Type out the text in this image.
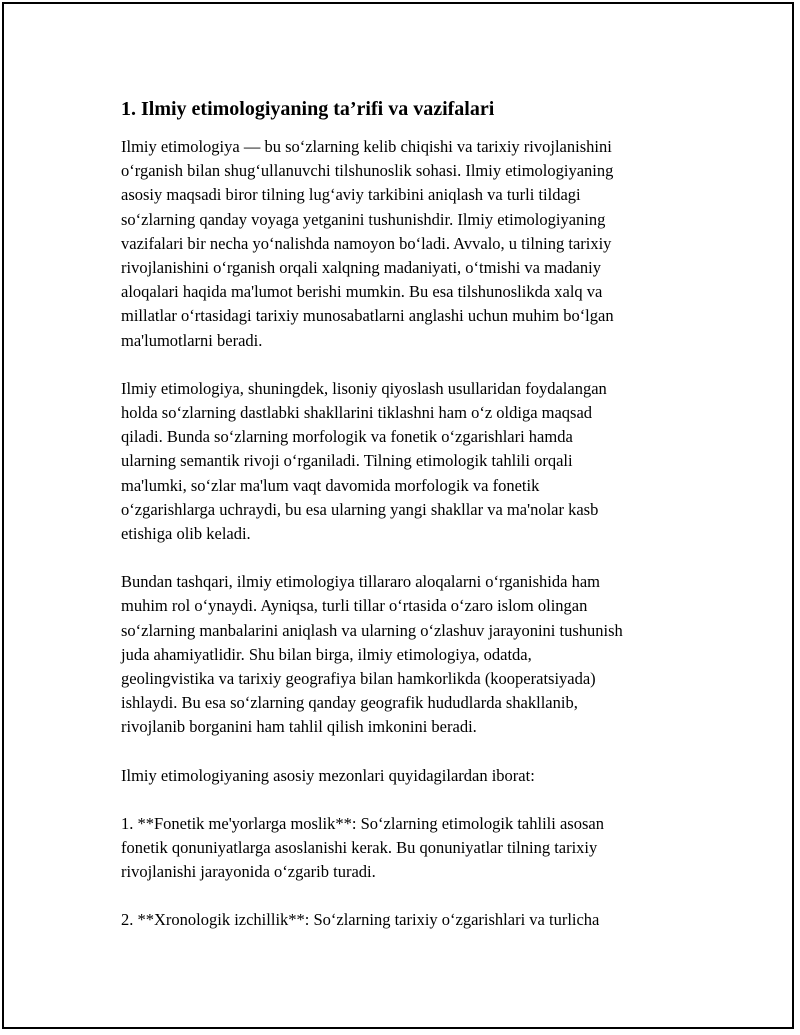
1. Ilmiy etimologiyaning ta’rifi va vazifalari
Ilmiy etimologiya — bu so‘zlarning kelib chiqishi va tarixiy rivojlanishini
o‘rganish bilan shug‘ullanuvchi tilshunoslik sohasi. Ilmiy etimologiyaning
asosiy maqsadi biror tilning lug‘aviy tarkibini aniqlash va turli tildagi
so‘zlarning qanday voyaga yetganini tushunishdir. Ilmiy etimologiyaning
vazifalari bir necha yo‘nalishda namoyon bo‘ladi. Avvalo, u tilning tarixiy
rivojlanishini o‘rganish orqali xalqning madaniyati, o‘tmishi va madaniy
aloqalari haqida ma'lumot berishi mumkin. Bu esa tilshunoslikda xalq va
millatlar o‘rtasidagi tarixiy munosabatlarni anglashi uchun muhim bo‘lgan
ma'lumotlarni beradi.
Ilmiy etimologiya, shuningdek, lisoniy qiyoslash usullaridan foydalangan
holda so‘zlarning dastlabki shakllarini tiklashni ham o‘z oldiga maqsad
qiladi. Bunda so‘zlarning morfologik va fonetik o‘zgarishlari hamda
ularning semantik rivoji o‘rganiladi. Tilning etimologik tahlili orqali
ma'lumki, so‘zlar ma'lum vaqt davomida morfologik va fonetik
o‘zgarishlarga uchraydi, bu esa ularning yangi shakllar va ma'nolar kasb
etishiga olib keladi.
Bundan tashqari, ilmiy etimologiya tillararo aloqalarni o‘rganishida ham
muhim rol o‘ynaydi. Ayniqsa, turli tillar o‘rtasida o‘zaro islom olingan
so‘zlarning manbalarini aniqlash va ularning o‘zlashuv jarayonini tushunish
juda ahamiyatlidir. Shu bilan birga, ilmiy etimologiya, odatda,
geolingvistika va tarixiy geografiya bilan hamkorlikda (kooperatsiyada)
ishlaydi. Bu esa so‘zlarning qanday geografik hududlarda shakllanib,
rivojlanib borganini ham tahlil qilish imkonini beradi.
Ilmiy etimologiyaning asosiy mezonlari quyidagilardan iborat:
1. **Fonetik me'yorlarga moslik**: So‘zlarning etimologik tahlili asosan
fonetik qonuniyatlarga asoslanishi kerak. Bu qonuniyatlar tilning tarixiy
rivojlanishi jarayonida o‘zgarib turadi.
2. **Xronologik izchillik**: So‘zlarning tarixiy o‘zgarishlari va turlicha
